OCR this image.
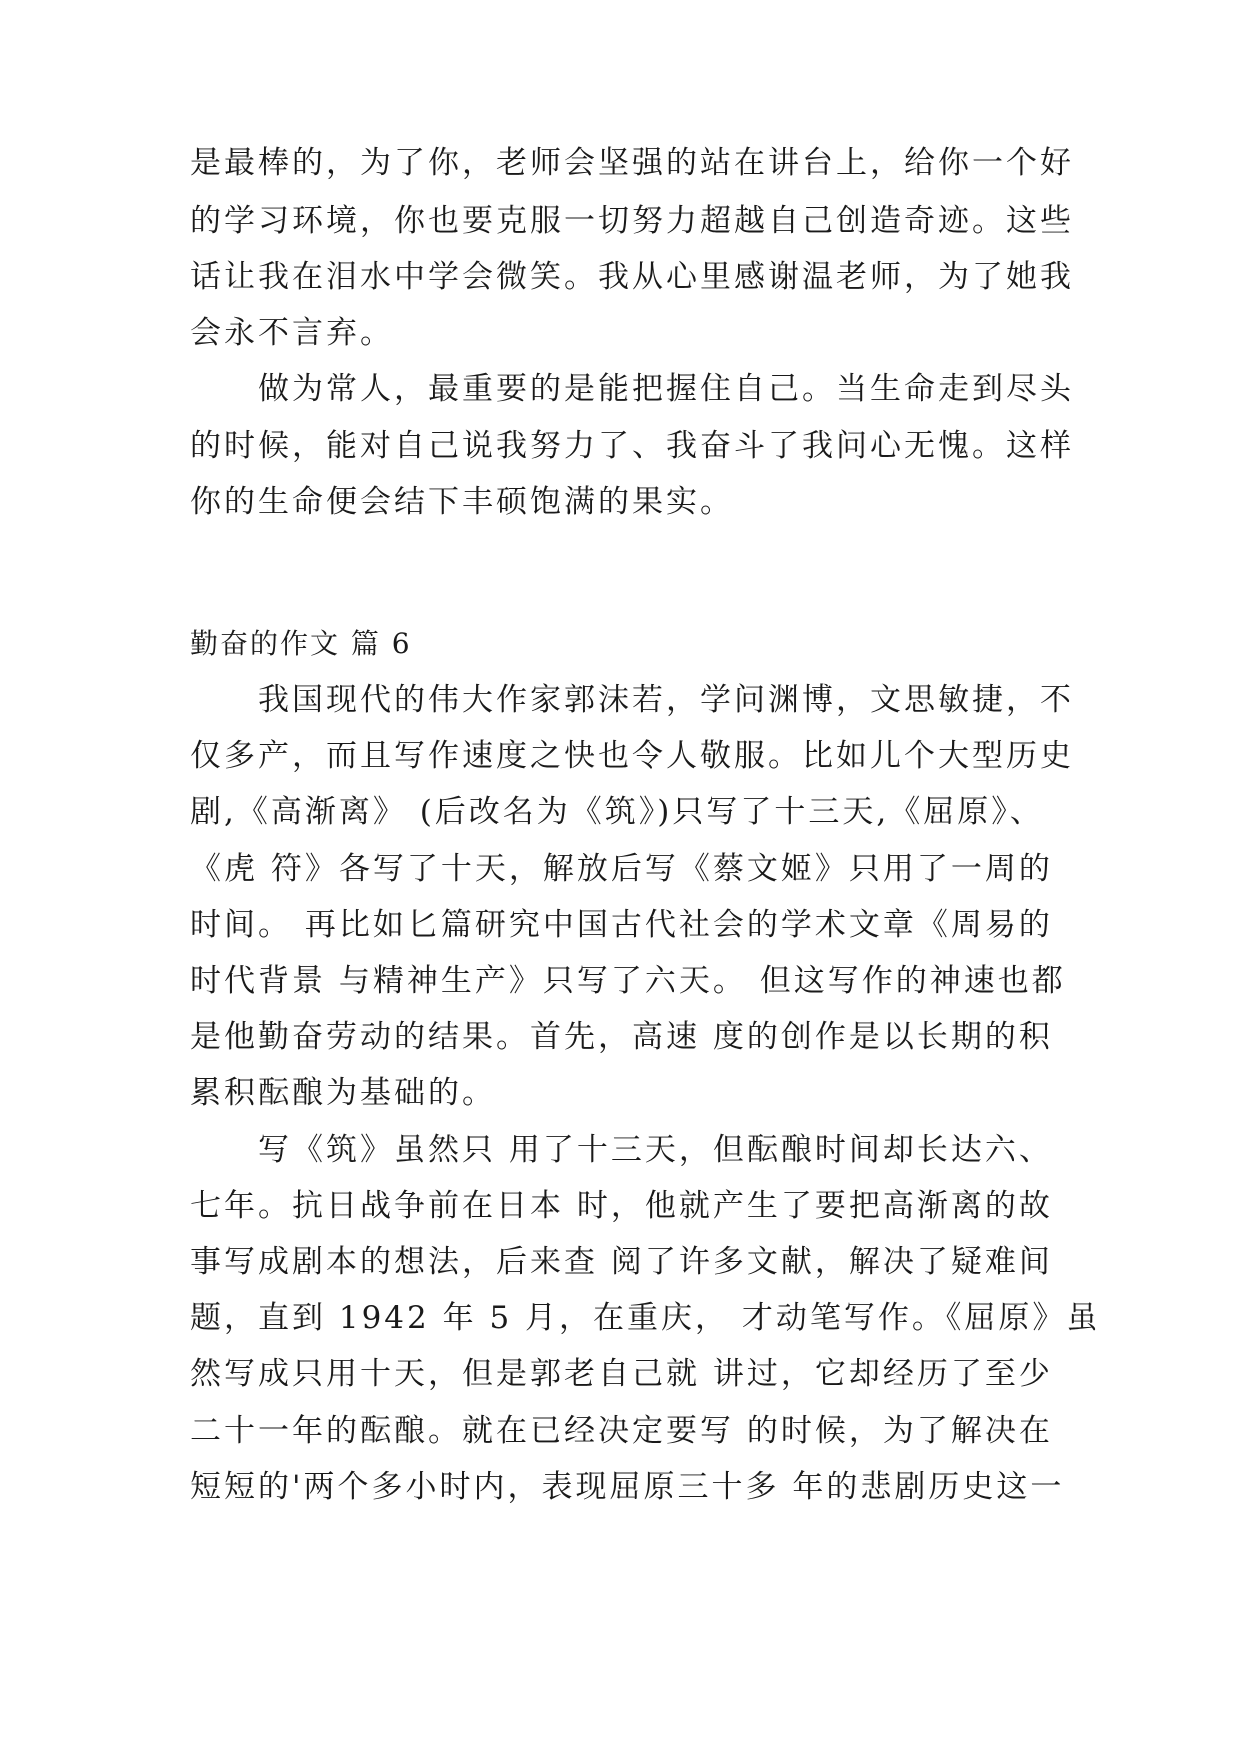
是最棒的，为了你，老师会坚强的站在讲台上，给你一个好
的学习环境，你也要克服一切努力超越自己创造奇迹。这些
话让我在泪水中学会微笑。我从心里感谢温老师，为了她我
会永不言弃。
　　做为常人，最重要的是能把握住自己。当生命走到尽头
的时候，能对自己说我努力了、我奋斗了我问心无愧。这样
你的生命便会结下丰硕饱满的果实。
勤奋的作文 篇 6
　　我国现代的伟大作家郭沫若，学问渊博，文思敏捷，不
仅多产，而且写作速度之快也令人敬服。比如儿个大型历史
剧,《高渐离》 (后改名为《筑》)只写了十三天,《屈原》、
《虎 符》各写了十天，解放后写《蔡文姬》只用了一周的
时间。 再比如匕篇研究中国古代社会的学术文章《周易的
时代背景 与精神生产》只写了六天。 但这写作的神速也都
是他勤奋劳动的结果。首先，高速 度的创作是以长期的积
累积酝酿为基础的。
　　写《筑》虽然只 用了十三天，但酝酿时间却长达六、
七年。抗日战争前在日本 时，他就产生了要把高渐离的故
事写成剧本的想法，后来查 阅了许多文献，解决了疑难间
题，直到 1942 年 5 月，在重庆， 才动笔写作。《屈原》虽
然写成只用十天，但是郭老自己就 讲过，它却经历了至少
二十一年的酝酿。就在已经决定要写 的时候，为了解决在
短短的'两个多小时内，表现屈原三十多 年的悲剧历史这一
